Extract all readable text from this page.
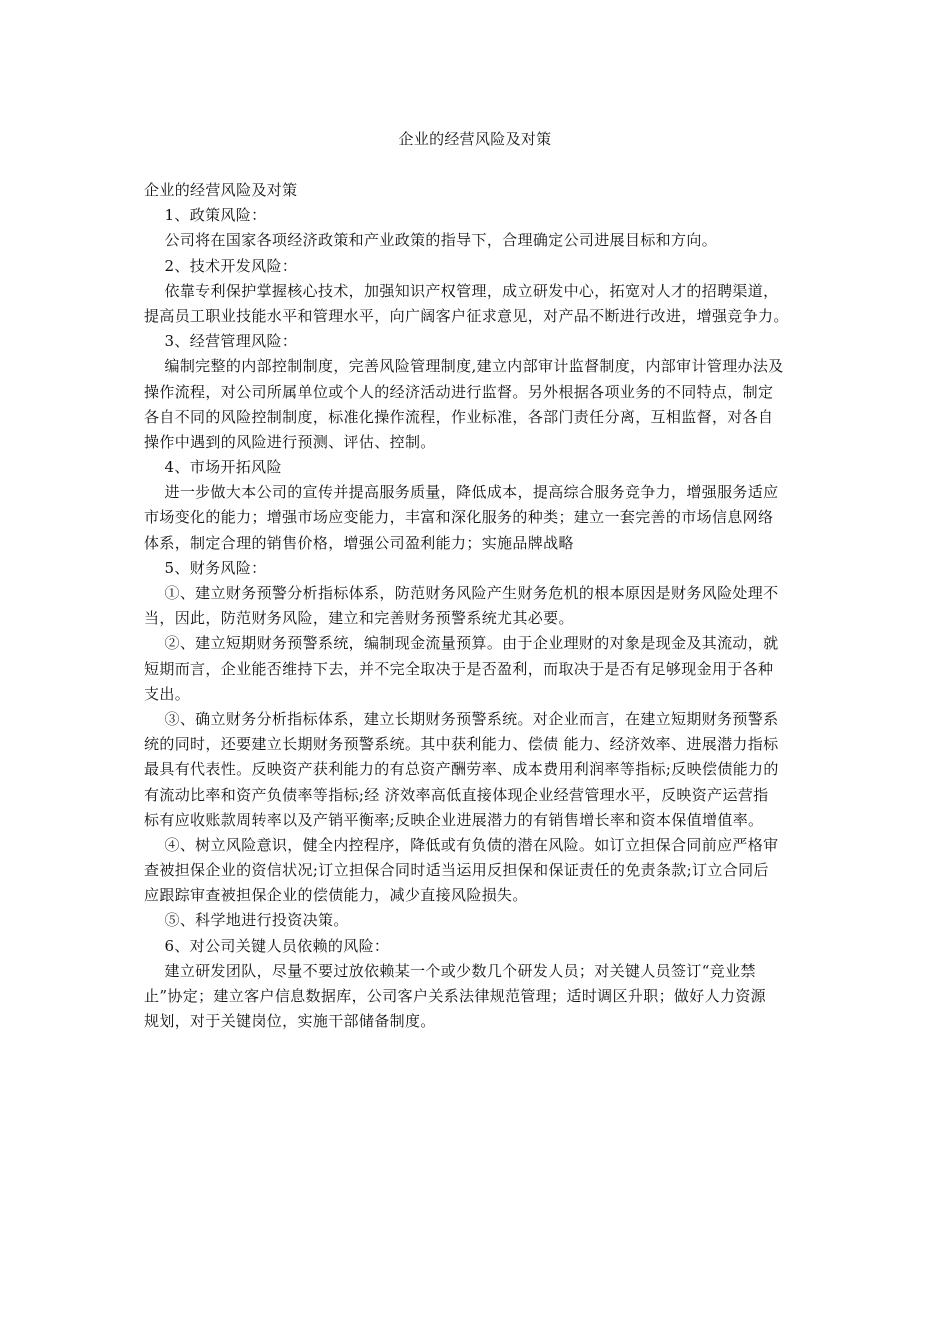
企业的经营风险及对策
企业的经营风险及对策
1、政策风险：
公司将在国家各项经济政策和产业政策的指导下，合理确定公司进展目标和方向。
2、技术开发风险：
依靠专利保护掌握核心技术，加强知识产权管理，成立研发中心，拓宽对人才的招聘渠道，
提高员工职业技能水平和管理水平，向广阔客户征求意见，对产品不断进行改进，增强竞争力。
3、经营管理风险：
编制完整的内部控制制度，完善风险管理制度,建立内部审计监督制度，内部审计管理办法及
操作流程，对公司所属单位或个人的经济活动进行监督。另外根据各项业务的不同特点，制定
各自不同的风险控制制度，标准化操作流程，作业标准，各部门责任分离，互相监督，对各自
操作中遇到的风险进行预测、评估、控制。
4、市场开拓风险
进一步做大本公司的宣传并提高服务质量，降低成本，提高综合服务竞争力，增强服务适应
市场变化的能力；增强市场应变能力，丰富和深化服务的种类；建立一套完善的市场信息网络
体系，制定合理的销售价格，增强公司盈利能力；实施品牌战略
5、财务风险：
①、建立财务预警分析指标体系，防范财务风险产生财务危机的根本原因是财务风险处理不
当，因此，防范财务风险，建立和完善财务预警系统尤其必要。
②、建立短期财务预警系统，编制现金流量预算。由于企业理财的对象是现金及其流动，就
短期而言，企业能否维持下去，并不完全取决于是否盈利，而取决于是否有足够现金用于各种
支出。
③、确立财务分析指标体系，建立长期财务预警系统。对企业而言，在建立短期财务预警系
统的同时，还要建立长期财务预警系统。其中获利能力、偿债 能力、经济效率、进展潜力指标
最具有代表性。反映资产获利能力的有总资产酬劳率、成本费用利润率等指标;反映偿债能力的
有流动比率和资产负债率等指标;经 济效率高低直接体现企业经营管理水平，反映资产运营指
标有应收账款周转率以及产销平衡率;反映企业进展潜力的有销售增长率和资本保值增值率。
④、树立风险意识，健全内控程序，降低或有负债的潜在风险。如订立担保合同前应严格审
查被担保企业的资信状况;订立担保合同时适当运用反担保和保证责任的免责条款;订立合同后
应跟踪审查被担保企业的偿债能力，减少直接风险损失。
⑤、科学地进行投资决策。
6、对公司关键人员依赖的风险：
建立研发团队，尽量不要过放依赖某一个或少数几个研发人员；对关键人员签订“竞业禁
止”协定；建立客户信息数据库，公司客户关系法律规范管理；适时调区升职；做好人力资源
规划，对于关键岗位，实施干部储备制度。
